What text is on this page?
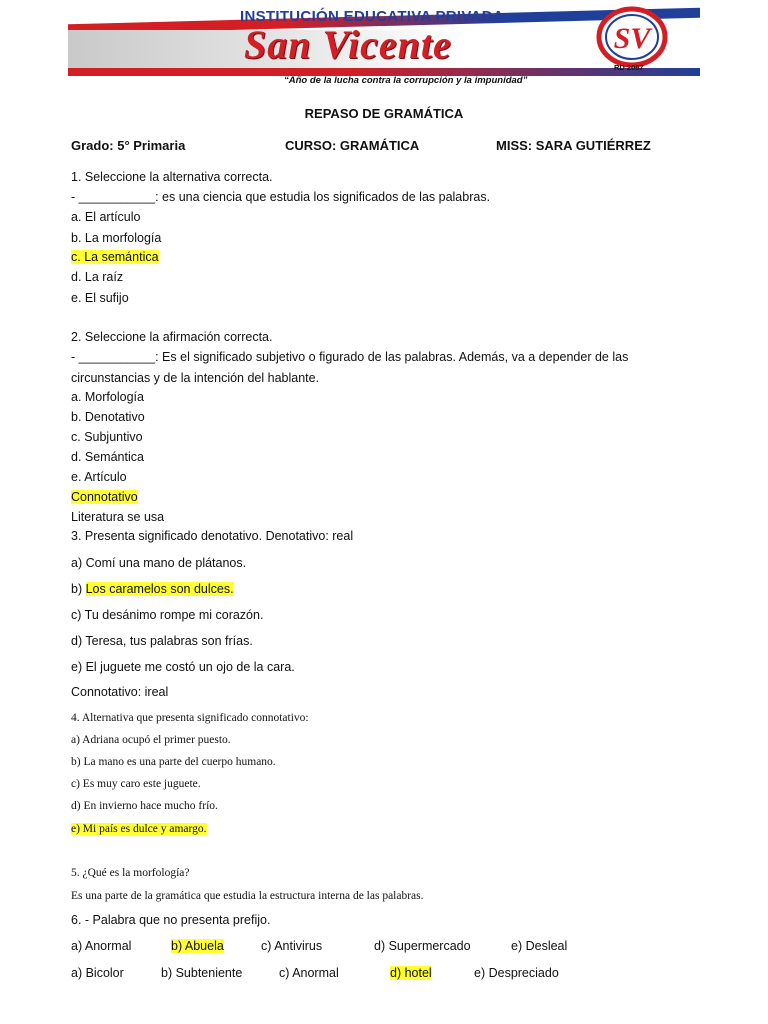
INSTITUCIÓN EDUCATIVA PRIVADA
San Vicente
“Año de la lucha contra la corrupción y la impunidad”
SV
RD 2067
REPASO DE GRAMÁTICA
Grado: 5° Primaria	CURSO: GRAMÁTICA	MISS: SARA GUTIÉRREZ
1. Seleccione la alternativa correcta.
- ___________: es una ciencia que estudia los significados de las palabras.
a. El artículo
b. La morfología
c. La semántica
d. La raíz
e. El sufijo
2. Seleccione la afirmación correcta.
- ___________: Es el significado subjetivo o figurado de las palabras. Además, va a depender de las
circunstancias y de la intención del hablante.
a. Morfología
b. Denotativo
c. Subjuntivo
d. Semántica
e. Artículo
Connotativo
Literatura se usa
3. Presenta significado denotativo. Denotativo: real
a) Comí una mano de plátanos.
b) Los caramelos son dulces.
c) Tu desánimo rompe mi corazón.
d) Teresa, tus palabras son frías.
e) El juguete me costó un ojo de la cara.
Connotativo: ireal
4. Alternativa que presenta significado connotativo:
a) Adriana ocupó el primer puesto.
b) La mano es una parte del cuerpo humano.
c) Es muy caro este juguete.
d) En invierno hace mucho frío.
e) Mi país es dulce y amargo.
5. ¿Qué es la morfología?
Es una parte de la gramática que estudia la estructura interna de las palabras.
6. - Palabra que no presenta prefijo.
a) Anormal	b) Abuela	c) Antivirus	d) Supermercado	e) Desleal
a) Bicolor	b) Subteniente	c) Anormal	d) hotel	e) Despreciado
